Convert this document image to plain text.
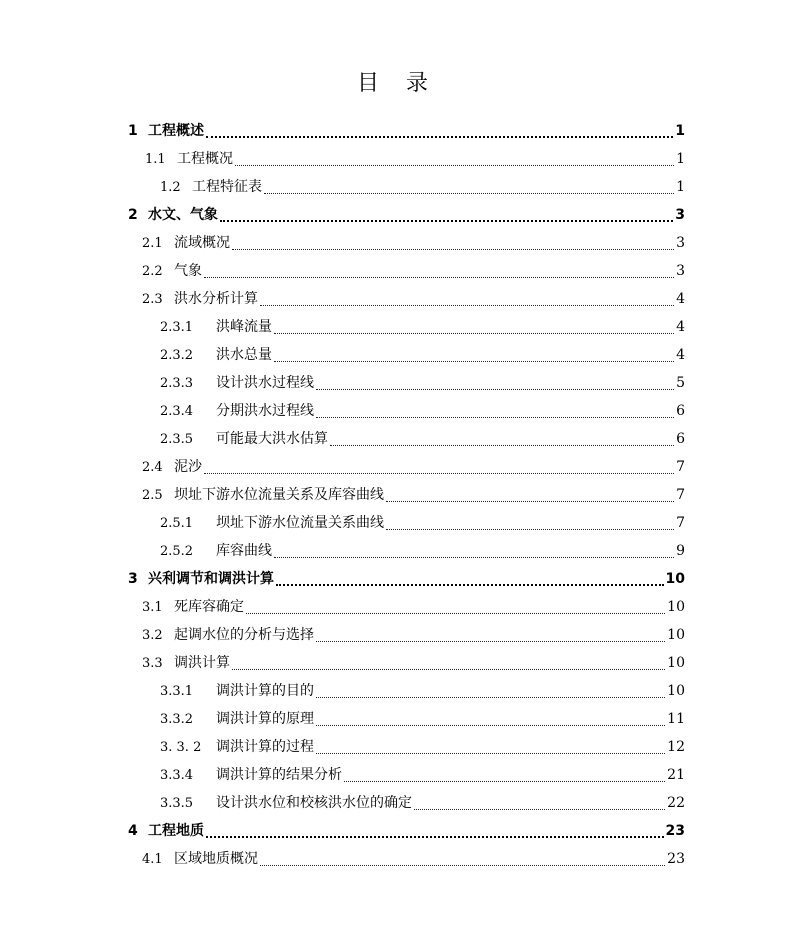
目 录
1 工程概述	1
1.1 工程概况	1
1.2 工程特征表	1
2 水文、气象	3
2.1 流域概况	3
2.2 气象	3
2.3 洪水分析计算	4
2.3.1	洪峰流量	4
2.3.2	洪水总量	4
2.3.3	设计洪水过程线	5
2.3.4	分期洪水过程线	6
2.3.5	可能最大洪水估算	6
2.4 泥沙	7
2.5 坝址下游水位流量关系及库容曲线	7
2.5.1	坝址下游水位流量关系曲线	7
2.5.2	库容曲线	9
3 兴利调节和调洪计算	10
3.1 死库容确定	10
3.2 起调水位的分析与选择	10
3.3 调洪计算	10
3.3.1	调洪计算的目的	10
3.3.2	调洪计算的原理	11
3. 3. 2	调洪计算的过程	12
3.3.4	调洪计算的结果分析	21
3.3.5	设计洪水位和校核洪水位的确定	22
4 工程地质	23
4.1 区域地质概况	23
